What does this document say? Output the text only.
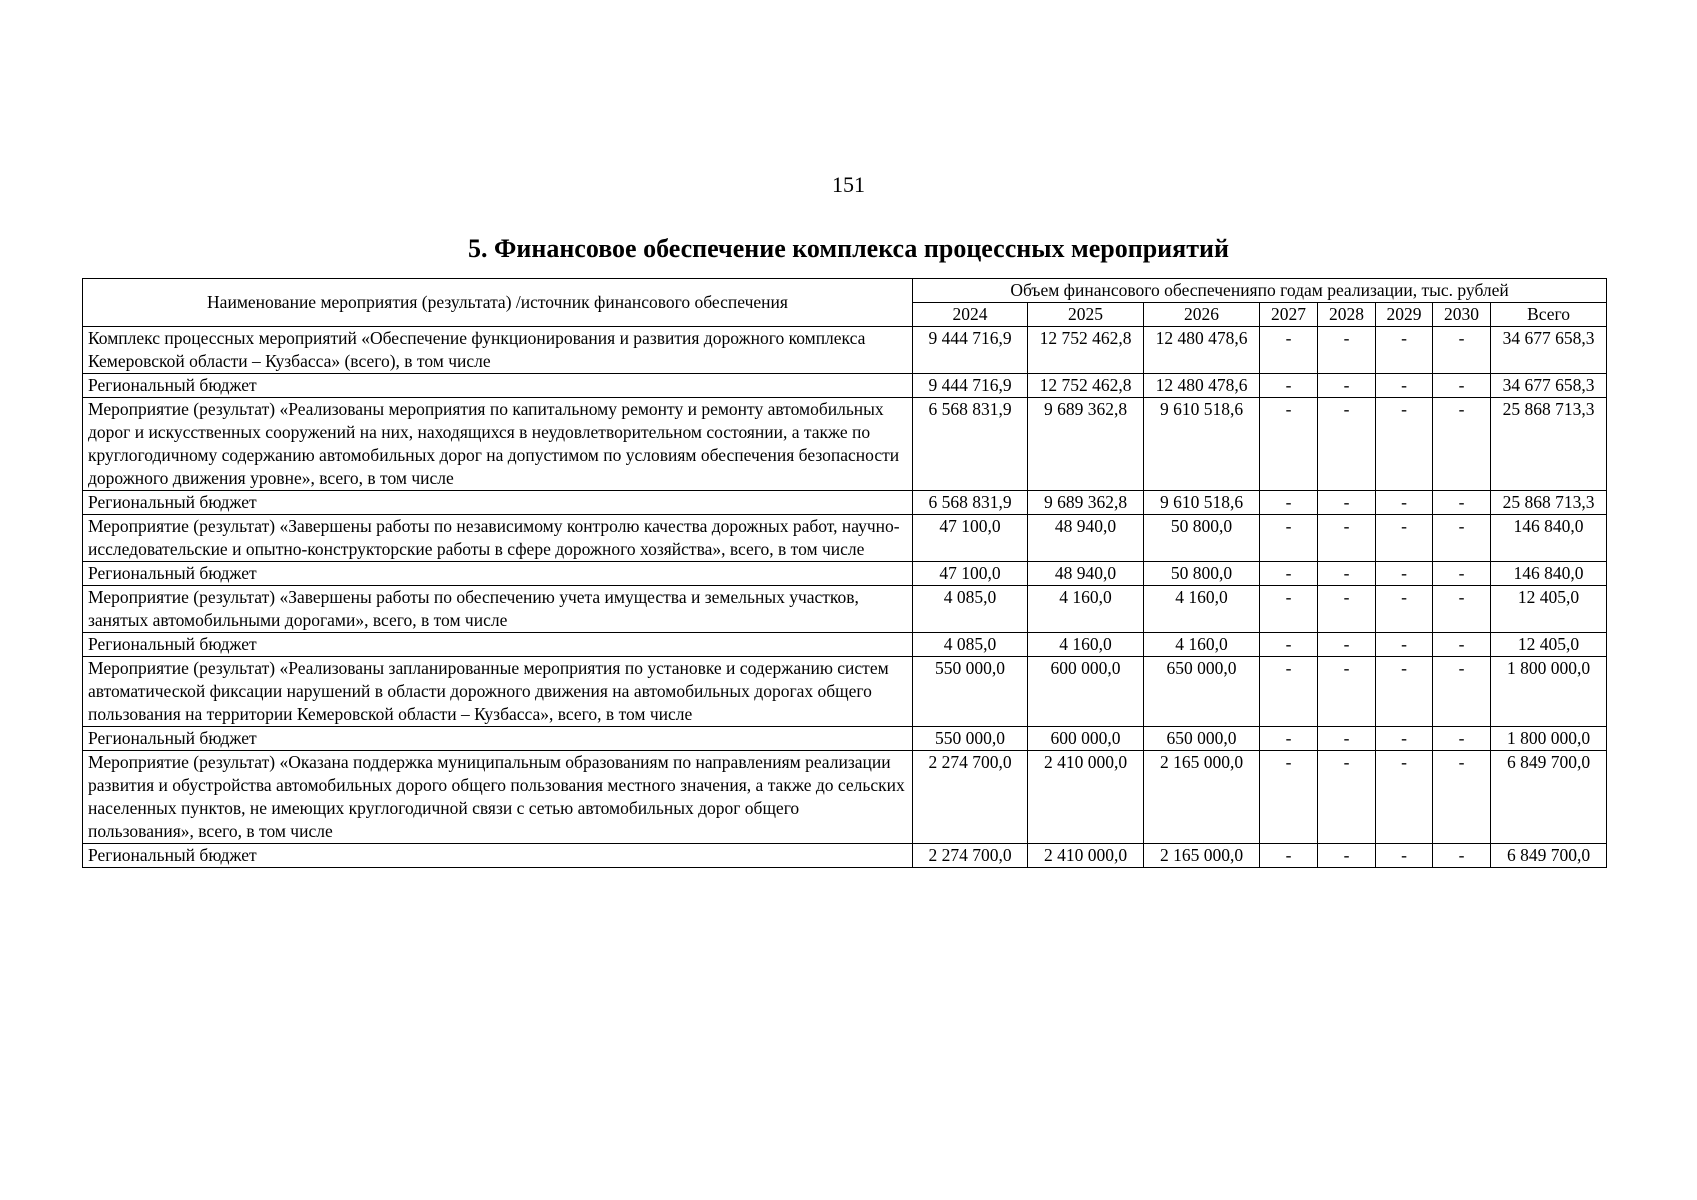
151
5. Финансовое обеспечение комплекса процессных мероприятий
Наименование мероприятия (результата) /источник финансового обеспечения	Объем финансового обеспеченияпо годам реализации, тыс. рублей							
	2024	2025	2026	2027	2028	2029	2030	Всего
Комплекс процессных мероприятий «Обеспечение функционирования и развития дорожного комплекса Кемеровской области – Кузбасса» (всего), в том числе	9 444 716,9	12 752 462,8	12 480 478,6	-	-	-	-	34 677 658,3
Региональный бюджет	9 444 716,9	12 752 462,8	12 480 478,6	-	-	-	-	34 677 658,3
Мероприятие (результат) «Реализованы мероприятия по капитальному ремонту и ремонту автомобильных дорог и искусственных сооружений на них, находящихся в неудовлетворительном состоянии, а также по круглогодичному содержанию автомобильных дорог на допустимом по условиям обеспечения безопасности дорожного движения уровне», всего, в том числе	6 568 831,9	9 689 362,8	9 610 518,6	-	-	-	-	25 868 713,3
Региональный бюджет	6 568 831,9	9 689 362,8	9 610 518,6	-	-	-	-	25 868 713,3
Мероприятие (результат) «Завершены работы по независимому контролю качества дорожных работ, научно-исследовательские и опытно-конструкторские работы в сфере дорожного хозяйства», всего, в том числе	47 100,0	48 940,0	50 800,0	-	-	-	-	146 840,0
Региональный бюджет	47 100,0	48 940,0	50 800,0	-	-	-	-	146 840,0
Мероприятие (результат) «Завершены работы по обеспечению учета имущества и земельных участков, занятых автомобильными дорогами», всего, в том числе	4 085,0	4 160,0	4 160,0	-	-	-	-	12 405,0
Региональный бюджет	4 085,0	4 160,0	4 160,0	-	-	-	-	12 405,0
Мероприятие (результат) «Реализованы запланированные мероприятия по установке и содержанию систем автоматической фиксации нарушений в области дорожного движения на автомобильных дорогах общего пользования на территории Кемеровской области – Кузбасса», всего, в том числе	550 000,0	600 000,0	650 000,0	-	-	-	-	1 800 000,0
Региональный бюджет	550 000,0	600 000,0	650 000,0	-	-	-	-	1 800 000,0
Мероприятие (результат) «Оказана поддержка муниципальным образованиям по направлениям реализации развития и обустройства автомобильных дорого общего пользования местного значения, а также до сельских населенных пунктов, не имеющих круглогодичной связи с сетью автомобильных дорог общего пользования», всего, в том числе	2 274 700,0	2 410 000,0	2 165 000,0	-	-	-	-	6 849 700,0
Региональный бюджет	2 274 700,0	2 410 000,0	2 165 000,0	-	-	-	-	6 849 700,0
